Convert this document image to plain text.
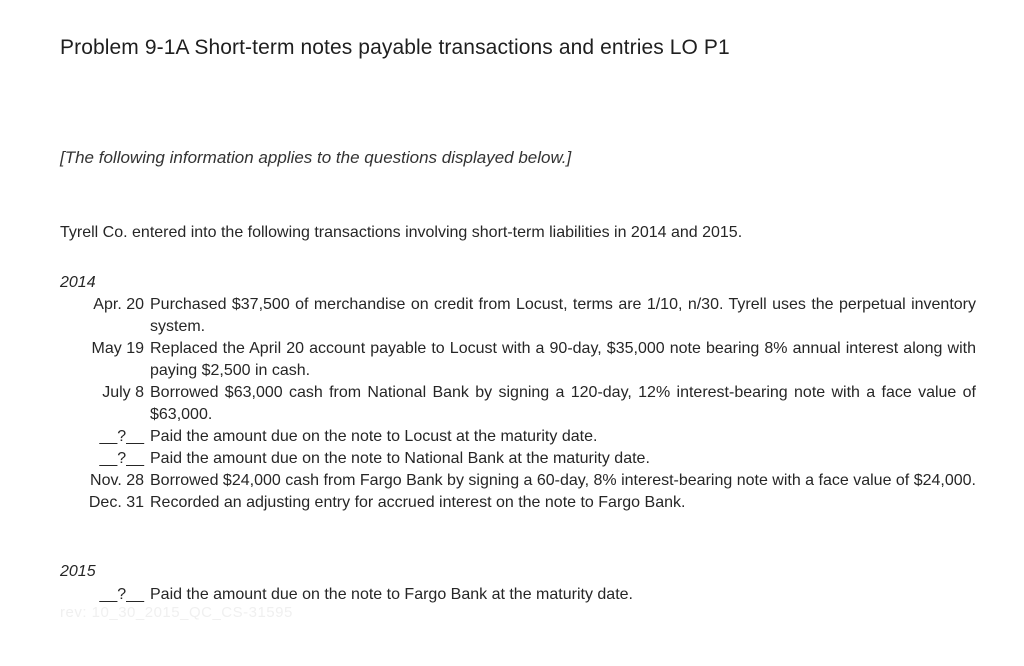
Problem 9-1A Short-term notes payable transactions and entries LO P1

[The following information applies to the questions displayed below.]

Tyrell Co. entered into the following transactions involving short-term liabilities in 2014 and 2015.

2014

Apr. 20 Purchased $37,500 of merchandise on credit from Locust, terms are 1/10, n/30. Tyrell uses the perpetual inventory system.
May 19 Replaced the April 20 account payable to Locust with a 90-day, $35,000 note bearing 8% annual interest along with paying $2,500 in cash.
July 8 Borrowed $63,000 cash from National Bank by signing a 120-day, 12% interest-bearing note with a face value of $63,000.
__?__ Paid the amount due on the note to Locust at the maturity date.
__?__ Paid the amount due on the note to National Bank at the maturity date.
Nov. 28 Borrowed $24,000 cash from Fargo Bank by signing a 60-day, 8% interest-bearing note with a face value of $24,000.
Dec. 31 Recorded an adjusting entry for accrued interest on the note to Fargo Bank.

2015

__?__ Paid the amount due on the note to Fargo Bank at the maturity date.

rev: 10_30_2015_QC_CS-31595
